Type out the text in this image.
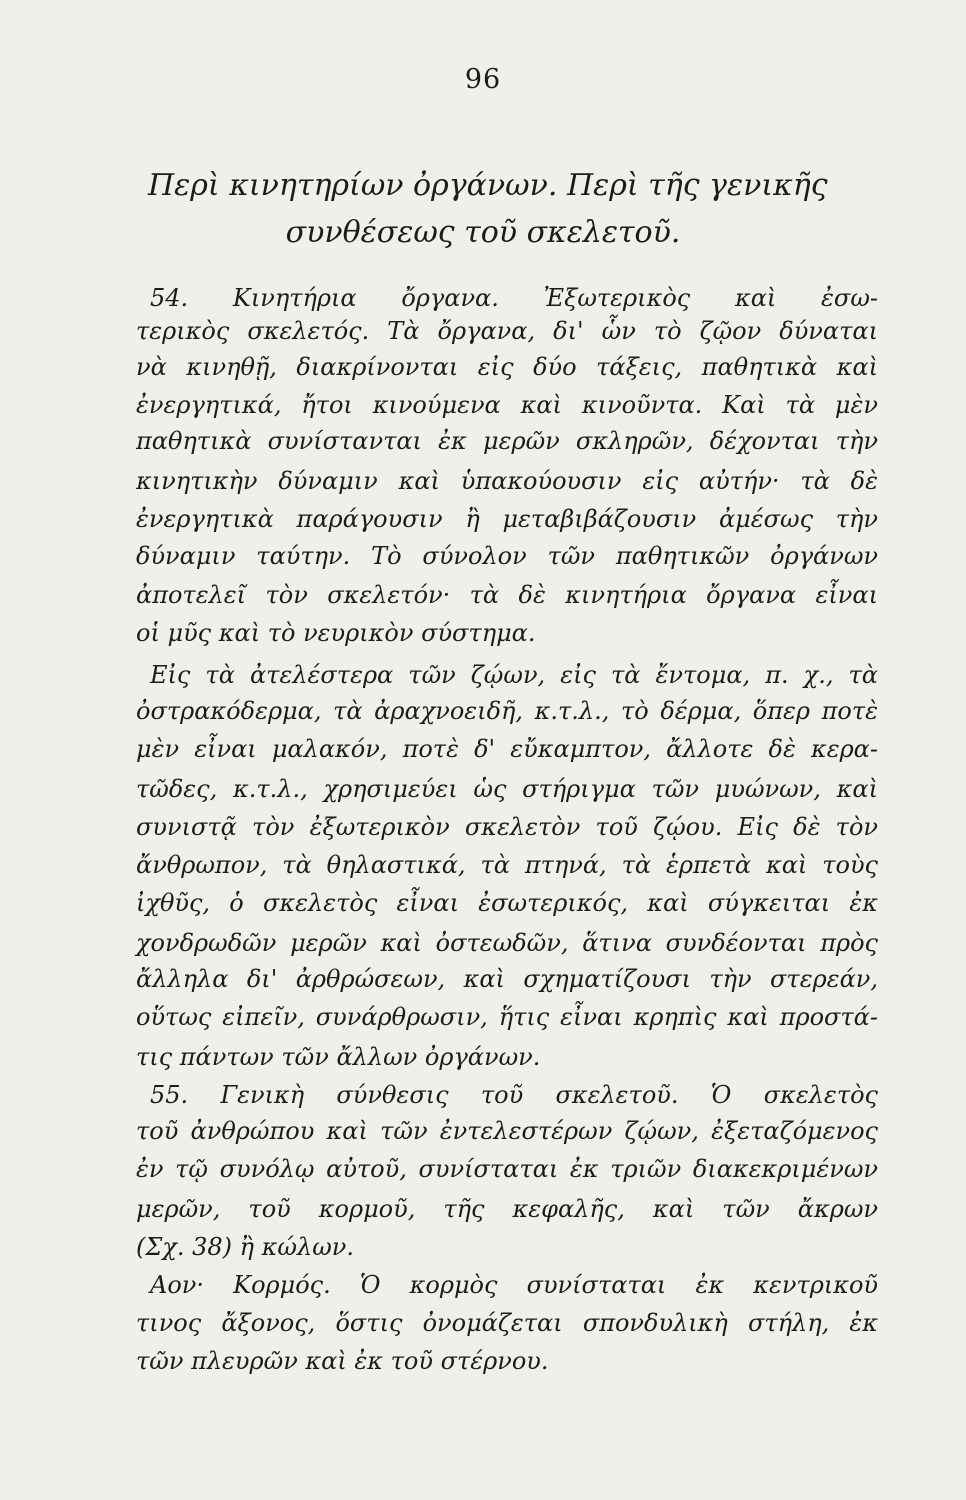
96
Περὶ κινητηρίων ὀργάνων. Περὶ τῆς γενικῆς
συνθέσεως τοῦ σκελετοῦ.
54. Κινητήρια ὄργανα. Ἐξωτερικὸς καὶ ἐσω-
τερικὸς σκελετός. Τὰ ὄργανα, δι' ὧν τὸ ζῷον δύναται
νὰ κινηθῇ, διακρίνονται εἰς δύο τάξεις, παθητικὰ καὶ
ἐνεργητικά, ἤτοι κινούμενα καὶ κινοῦντα. Καὶ τὰ μὲν
παθητικὰ συνίστανται ἐκ μερῶν σκληρῶν, δέχονται τὴν
κινητικὴν δύναμιν καὶ ὑπακούουσιν εἰς αὐτήν· τὰ δὲ
ἐνεργητικὰ παράγουσιν ἢ μεταβιβάζουσιν ἀμέσως τὴν
δύναμιν ταύτην. Τὸ σύνολον τῶν παθητικῶν ὀργάνων
ἀποτελεῖ τὸν σκελετόν· τὰ δὲ κινητήρια ὄργανα εἶναι
οἱ μῦς καὶ τὸ νευρικὸν σύστημα.
Εἰς τὰ ἀτελέστερα τῶν ζῴων, εἰς τὰ ἔντομα, π. χ., τὰ
ὀστρακόδερμα, τὰ ἀραχνοειδῆ, κ.τ.λ., τὸ δέρμα, ὅπερ ποτὲ
μὲν εἶναι μαλακόν, ποτὲ δ' εὔκαμπτον, ἄλλοτε δὲ κερα-
τῶδες, κ.τ.λ., χρησιμεύει ὡς στήριγμα τῶν μυώνων, καὶ
συνιστᾷ τὸν ἐξωτερικὸν σκελετὸν τοῦ ζῴου. Εἰς δὲ τὸν
ἄνθρωπον, τὰ θηλαστικά, τὰ πτηνά, τὰ ἑρπετὰ καὶ τοὺς
ἰχθῦς, ὁ σκελετὸς εἶναι ἐσωτερικός, καὶ σύγκειται ἐκ
χονδρωδῶν μερῶν καὶ ὀστεωδῶν, ἅτινα συνδέονται πρὸς
ἄλληλα δι' ἀρθρώσεων, καὶ σχηματίζουσι τὴν στερεάν,
οὕτως εἰπεῖν, συνάρθρωσιν, ἥτις εἶναι κρηπὶς καὶ προστά-
τις πάντων τῶν ἄλλων ὀργάνων.
55. Γενικὴ σύνθεσις τοῦ σκελετοῦ. Ὁ σκελετὸς
τοῦ ἀνθρώπου καὶ τῶν ἐντελεστέρων ζῴων, ἐξεταζόμενος
ἐν τῷ συνόλῳ αὐτοῦ, συνίσταται ἐκ τριῶν διακεκριμένων
μερῶν, τοῦ κορμοῦ, τῆς κεφαλῆς, καὶ τῶν ἄκρων
(Σχ. 38) ἢ κώλων.
Αον· Κορμός. Ὁ κορμὸς συνίσταται ἐκ κεντρικοῦ
τινος ἄξονος, ὅστις ὀνομάζεται σπονδυλικὴ στήλη, ἐκ
τῶν πλευρῶν καὶ ἐκ τοῦ στέρνου.
